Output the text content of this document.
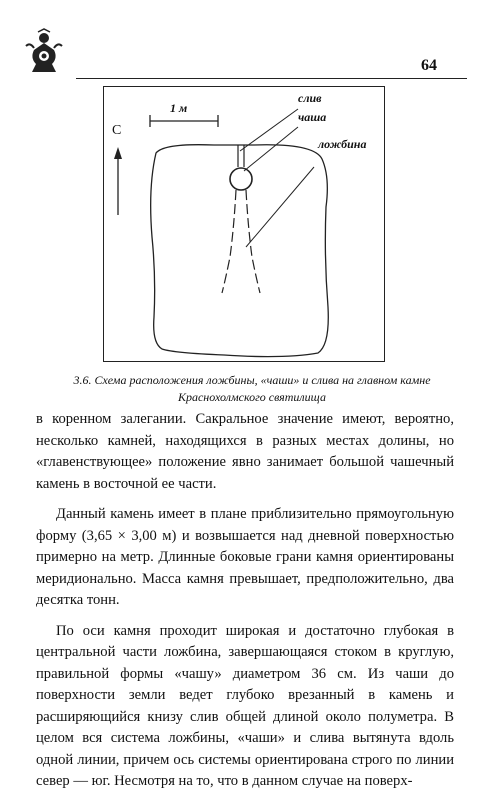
64
1 м
С
слив
чаша
ложбина
3.6. Схема расположения ложбины, «чаши» и слива на главном камне
Краснохолмского святилища

в коренном залегании. Сакральное значение имеют, вероятно, несколько камней, находящихся в разных местах долины, но «главенствующее» положение явно занимает большой чашечный камень в восточной ее части.

Данный камень имеет в плане приблизительно прямоугольную форму (3,65 × 3,00 м) и возвышается над дневной поверхностью примерно на метр. Длинные боковые грани камня ориентированы меридионально. Масса камня превышает, предположительно, два десятка тонн.

По оси камня проходит широкая и достаточно глубокая в центральной части ложбина, завершающаяся стоком в круглую, правильной формы «чашу» диаметром 36 см. Из чаши до поверхности земли ведет глубоко врезанный в камень и расширяющийся книзу слив общей длиной около полуметра. В целом вся система ложбины, «чаши» и слива вытянута вдоль одной линии, причем ось системы ориентирована строго по линии север — юг. Несмотря на то, что в данном случае на поверх-
